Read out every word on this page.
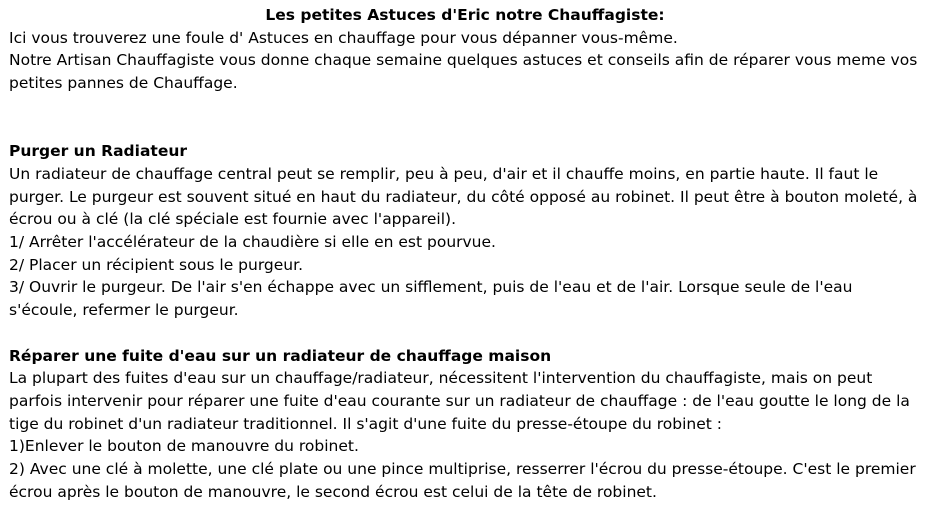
Les petites Astuces d'Eric notre Chauffagiste:

Ici vous trouverez une foule d' Astuces en chauffage pour vous dépanner vous-même.

Notre Artisan Chauffagiste vous donne chaque semaine quelques astuces et conseils afin de réparer vous meme vos petites pannes de Chauffage.

Purger un Radiateur

Un radiateur de chauffage central peut se remplir, peu à peu, d'air et il chauffe moins, en partie haute. Il faut le purger. Le purgeur est souvent situé en haut du radiateur, du côté opposé au robinet. Il peut être à bouton moleté, à écrou ou à clé (la clé spéciale est fournie avec l'appareil).

1/ Arrêter l'accélérateur de la chaudière si elle en est pourvue.

2/ Placer un récipient sous le purgeur.

3/ Ouvrir le purgeur. De l'air s'en échappe avec un sifflement, puis de l'eau et de l'air. Lorsque seule de l'eau s'écoule, refermer le purgeur.

Réparer une fuite d'eau sur un radiateur de chauffage maison

La plupart des fuites d'eau sur un chauffage/radiateur, nécessitent l'intervention du chauffagiste, mais on peut parfois intervenir pour réparer une fuite d'eau courante sur un radiateur de chauffage : de l'eau goutte le long de la tige du robinet d'un radiateur traditionnel. Il s'agit d'une fuite du presse-étoupe du robinet :

1)Enlever le bouton de manouvre du robinet.

2) Avec une clé à molette, une clé plate ou une pince multiprise, resserrer l'écrou du presse-étoupe. C'est le premier écrou après le bouton de manouvre, le second écrou est celui de la tête de robinet.
